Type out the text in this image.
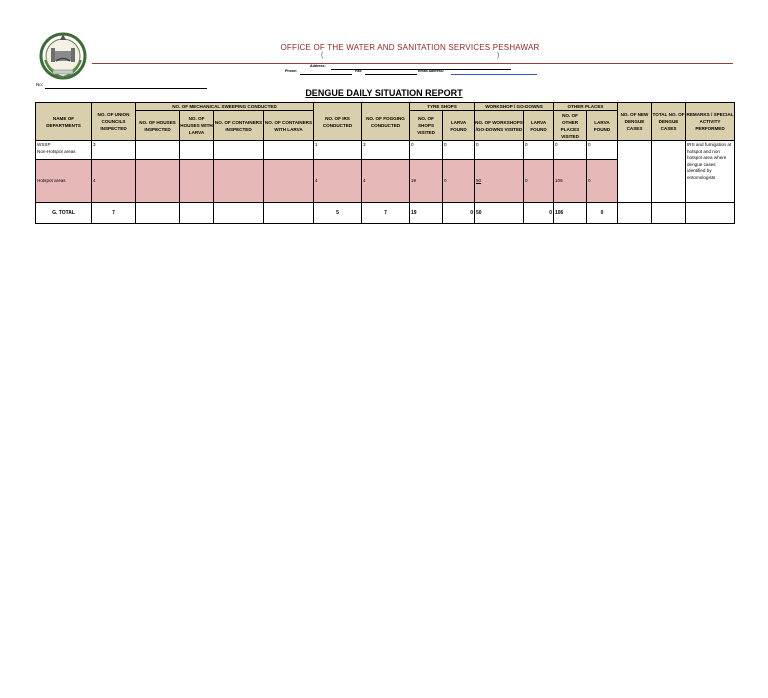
OFFICE OF THE WATER AND SANITATION SERVICES PESHAWAR
(	)
Address:
Phone:	Fax:	Email Address:
No:
DENGUE DAILY SITUATION REPORT
NAME OF DEPARTMENTS	NO. OF UNION COUNCILS INSPECTED	NO. OF MECHANICAL SWEEPING CONDUCTED				NO. OF IRS CONDUCTED	NO. OF FOGGING CONDUCTED	TYRE SHOPS		WORKSHOP / GO-DOWNS		OTHER PLACES		NO. OF NEW DENGUE CASES	TOTAL NO. OF DENGUE CASES	REMARKS / SPECIAL ACTIVITY PERFORMED
		NO. OF HOUSES INSPECTED	NO. OF HOUSES WITH LARVA	NO. OF CONTAINERS INSPECTED	NO. OF CONTAINERS WITH LARVA			NO. OF SHOPS VISITED	LARVA FOUND	NO. OF WORKSHOPS /GO-DOWNS VISITED	LARVA FOUND	NO. OF OTHER PLACES VISITED	LARVA FOUND			

WSSP
Non-Hotspot areas	3					1	3	0	0	0	0	0	0			IRS and fumigation at hotspot and non hotspot area where dengue cases identified by entomologists
Hotspot areas	4					4	4	19	0	50	0	106	0			
G. TOTAL	7					5	7	19	0	50	0	106	0			
